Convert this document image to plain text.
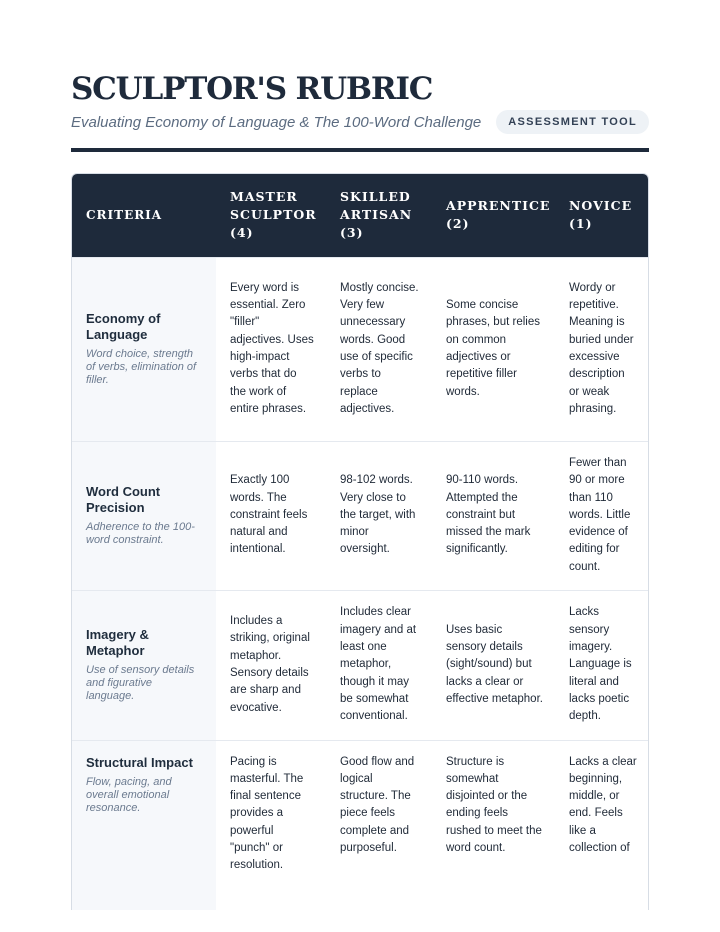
SCULPTOR'S RUBRIC
Evaluating Economy of Language & The 100-Word Challenge	ASSESSMENT TOOL
CRITERIA	MASTER SCULPTOR (4)	SKILLED ARTISAN (3)	APPRENTICE (2)	NOVICE (1)

Economy of Language
Word choice, strength of verbs, elimination of filler.	Every word is essential. Zero "filler" adjectives. Uses high-impact verbs that do the work of entire phrases.	Mostly concise. Very few unnecessary words. Good use of specific verbs to replace adjectives.	Some concise phrases, but relies on common adjectives or repetitive filler words.	Wordy or repetitive. Meaning is buried under excessive description or weak phrasing.

Word Count Precision
Adherence to the 100-word constraint.	Exactly 100 words. The constraint feels natural and intentional.	98-102 words. Very close to the target, with minor oversight.	90-110 words. Attempted the constraint but missed the mark significantly.	Fewer than 90 or more than 110 words. Little evidence of editing for count.

Imagery & Metaphor
Use of sensory details and figurative language.	Includes a striking, original metaphor. Sensory details are sharp and evocative.	Includes clear imagery and at least one metaphor, though it may be somewhat conventional.	Uses basic sensory details (sight/sound) but lacks a clear or effective metaphor.	Lacks sensory imagery. Language is literal and lacks poetic depth.

Structural Impact
Flow, pacing, and overall emotional resonance.	Pacing is masterful. The final sentence provides a powerful "punch" or resolution.	Good flow and logical structure. The piece feels complete and purposeful.	Structure is somewhat disjointed or the ending feels rushed to meet the word count.	Lacks a clear beginning, middle, or end. Feels like a collection of
